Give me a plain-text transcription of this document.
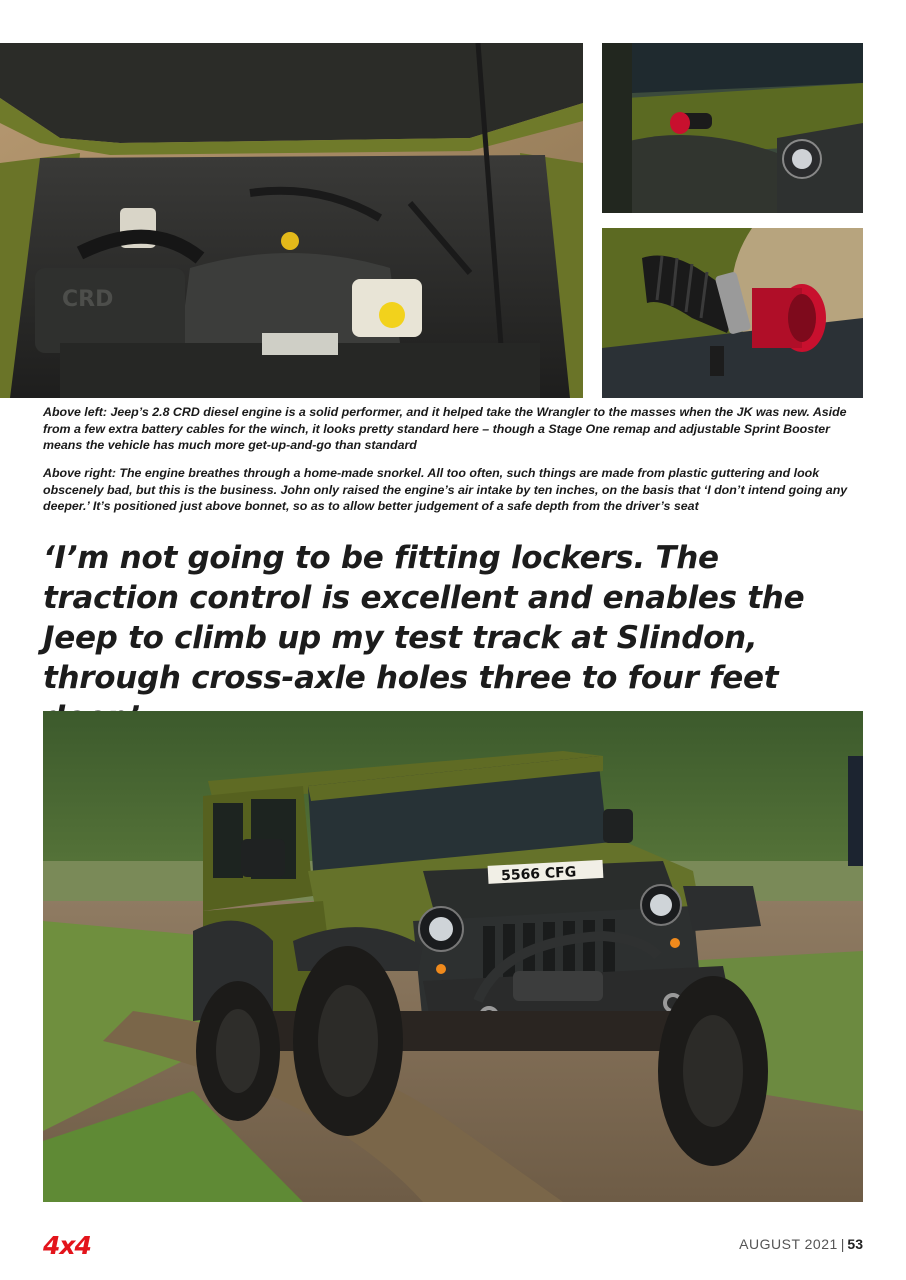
CRD

Above left: Jeep’s 2.8 CRD diesel engine is a solid performer, and it helped take the Wrangler to the masses when the JK was new. Aside from a few extra battery cables for the winch, it looks pretty standard here – though a Stage One remap and adjustable Sprint Booster means the vehicle has much more get-up-and-go than standard

Above right: The engine breathes through a home-made snorkel. All too often, such things are made from plastic guttering and look obscenely bad, but this is the business. John only raised the engine’s air intake by ten inches, on the basis that ‘I don’t intend going any deeper.’ It’s positioned just above bonnet, so as to allow better judgement of a safe depth from the driver’s seat

‘I’m not going to be fitting lockers. The traction control is excellent and enables the Jeep to climb up my test track at Slindon, through cross-axle holes three to four feet

5566 CFG
4x4	AUGUST 2021 | 53
